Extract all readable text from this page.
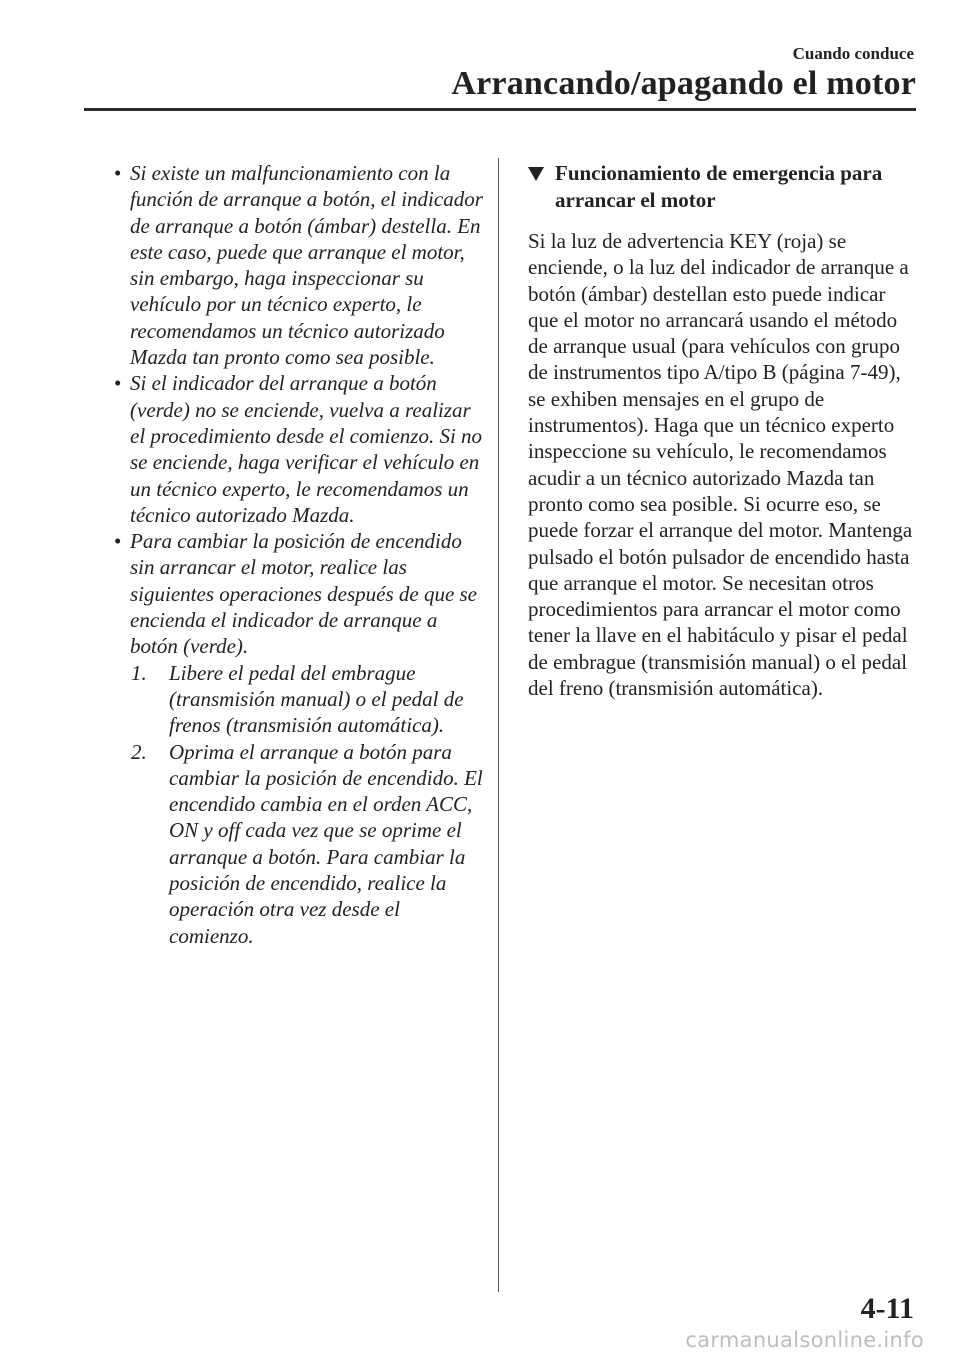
Cuando conduce
Arrancando/apagando el motor
• Si existe un malfuncionamiento con la función de arranque a botón, el indicador de arranque a botón (ámbar) destella. En este caso, puede que arranque el motor, sin embargo, haga inspeccionar su vehículo por un técnico experto, le recomendamos un técnico autorizado Mazda tan pronto como sea posible.
• Si el indicador del arranque a botón (verde) no se enciende, vuelva a realizar el procedimiento desde el comienzo. Si no se enciende, haga verificar el vehículo en un técnico experto, le recomendamos un técnico autorizado Mazda.
• Para cambiar la posición de encendido sin arrancar el motor, realice las siguientes operaciones después de que se encienda el indicador de arranque a botón (verde).
1. Libere el pedal del embrague (transmisión manual) o el pedal de frenos (transmisión automática).
2. Oprima el arranque a botón para cambiar la posición de encendido. El encendido cambia en el orden ACC, ON y off cada vez que se oprime el arranque a botón. Para cambiar la posición de encendido, realice la operación otra vez desde el comienzo.
Funcionamiento de emergencia para arrancar el motor
Si la luz de advertencia KEY (roja) se enciende, o la luz del indicador de arranque a botón (ámbar) destellan esto puede indicar que el motor no arrancará usando el método de arranque usual (para vehículos con grupo de instrumentos tipo A/tipo B (página 7-49), se exhiben mensajes en el grupo de instrumentos). Haga que un técnico experto inspeccione su vehículo, le recomendamos acudir a un técnico autorizado Mazda tan pronto como sea posible. Si ocurre eso, se puede forzar el arranque del motor. Mantenga pulsado el botón pulsador de encendido hasta que arranque el motor. Se necesitan otros procedimientos para arrancar el motor como tener la llave en el habitáculo y pisar el pedal de embrague (transmisión manual) o el pedal del freno (transmisión automática).
4-11
carmanualsonline.info
